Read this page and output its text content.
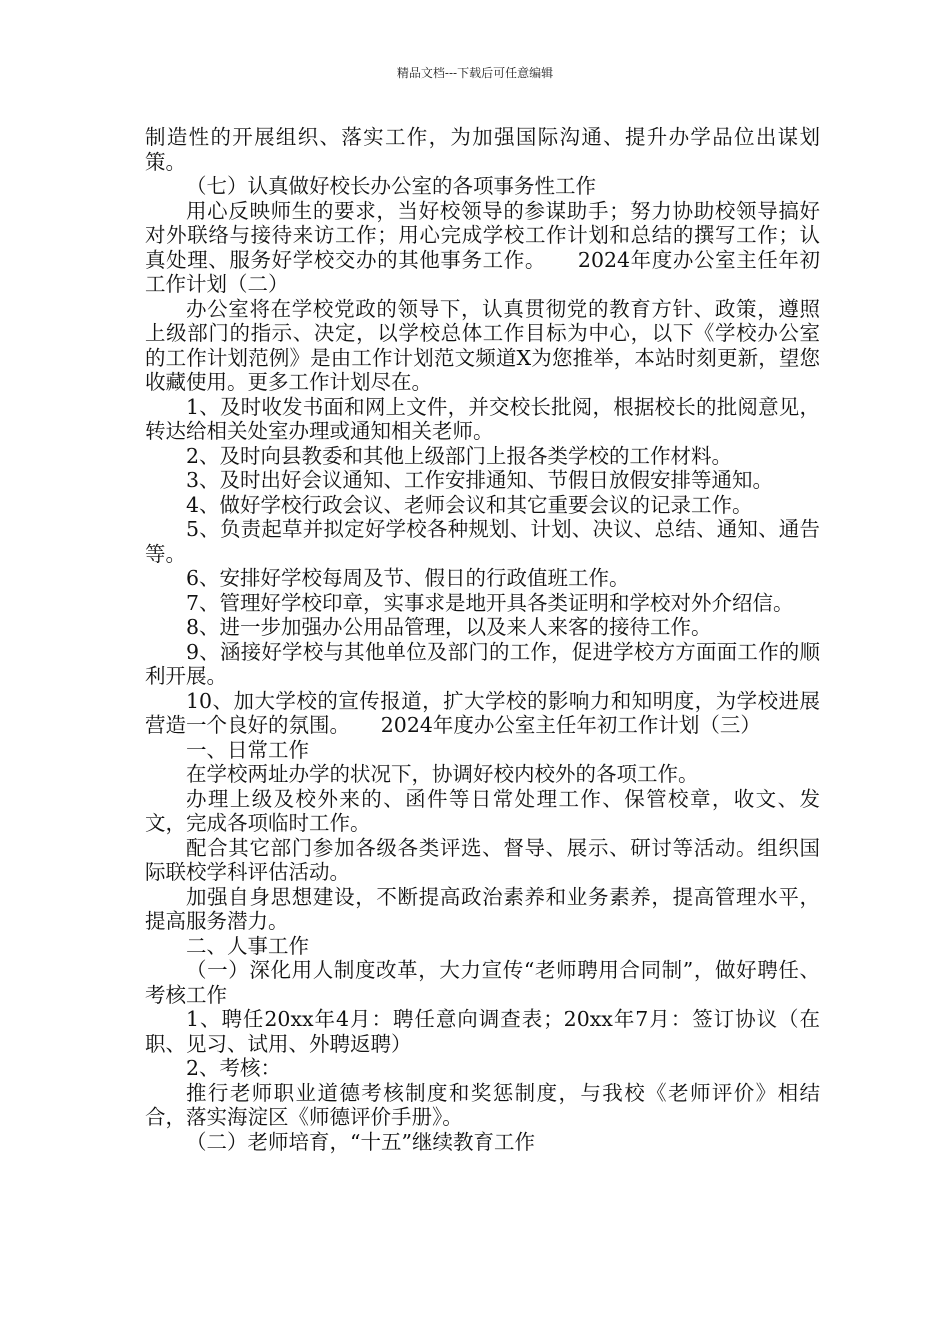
精品文档---下载后可任意编辑

制造性的开展组织、落实工作，为加强国际沟通、提升办学品位出谋划策。

（七）认真做好校长办公室的各项事务性工作

用心反映师生的要求，当好校领导的参谋助手；努力协助校领导搞好对外联络与接待来访工作；用心完成学校工作计划和总结的撰写工作；认真处理、服务好学校交办的其他事务工作。　　2024年度办公室主任年初工作计划（二）

办公室将在学校党政的领导下，认真贯彻党的教育方针、政策，遵照上级部门的指示、决定，以学校总体工作目标为中心，以下《学校办公室的工作计划范例》是由工作计划范文频道X为您推举，本站时刻更新，望您收藏使用。更多工作计划尽在。

1、及时收发书面和网上文件，并交校长批阅，根据校长的批阅意见，转达给相关处室办理或通知相关老师。

2、及时向县教委和其他上级部门上报各类学校的工作材料。

3、及时出好会议通知、工作安排通知、节假日放假安排等通知。

4、做好学校行政会议、老师会议和其它重要会议的记录工作。

5、负责起草并拟定好学校各种规划、计划、决议、总结、通知、通告等。

6、安排好学校每周及节、假日的行政值班工作。

7、管理好学校印章，实事求是地开具各类证明和学校对外介绍信。

8、进一步加强办公用品管理，以及来人来客的接待工作。

9、涵接好学校与其他单位及部门的工作，促进学校方方面面工作的顺利开展。

10、加大学校的宣传报道，扩大学校的影响力和知明度，为学校进展营造一个良好的氛围。　　2024年度办公室主任年初工作计划（三）

一、日常工作

在学校两址办学的状况下，协调好校内校外的各项工作。

办理上级及校外来的、函件等日常处理工作、保管校章，收文、发文，完成各项临时工作。

配合其它部门参加各级各类评选、督导、展示、研讨等活动。组织国际联校学科评估活动。

加强自身思想建设，不断提高政治素养和业务素养，提高管理水平，提高服务潜力。

二、人事工作

（一）深化用人制度改革，大力宣传“老师聘用合同制”，做好聘任、考核工作

1、聘任20xx年4月：聘任意向调查表；20xx年7月：签订协议（在职、见习、试用、外聘返聘）

2、考核：

推行老师职业道德考核制度和奖惩制度，与我校《老师评价》相结合，落实海淀区《师德评价手册》。

（二）老师培育，“十五”继续教育工作
